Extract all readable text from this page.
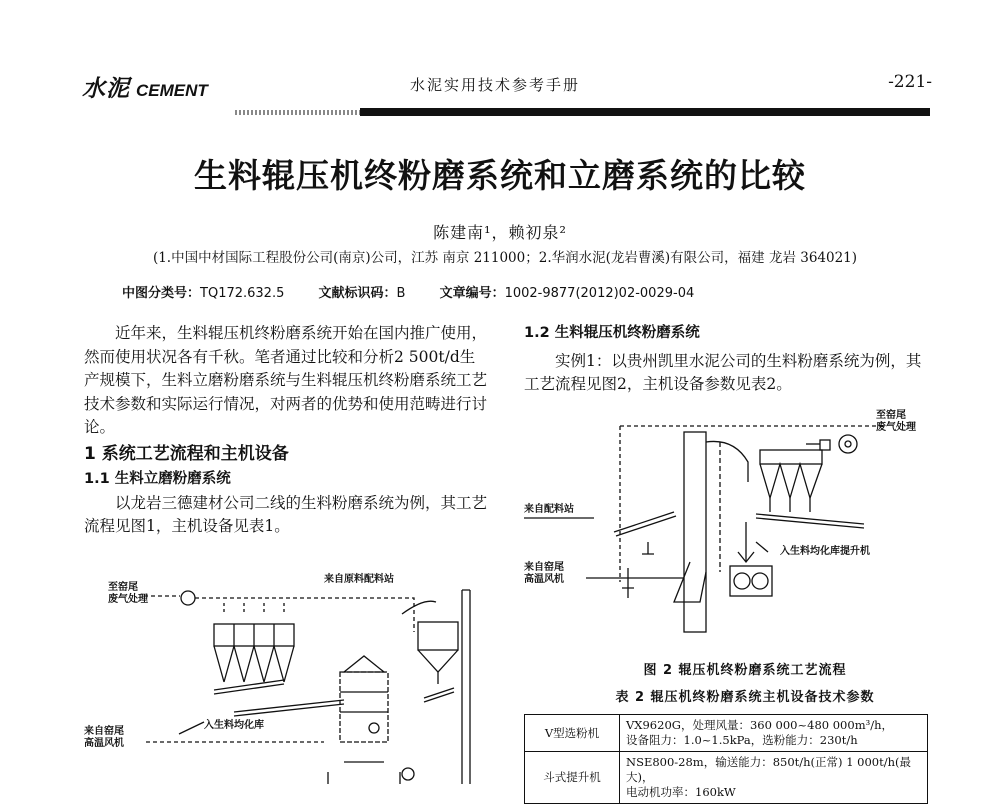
水泥 CEMENT	水泥实用技术参考手册	-221-
生料辊压机终粉磨系统和立磨系统的比较
陈建南¹，赖初泉²
(1.中国中材国际工程股份公司(南京)公司，江苏 南京 211000；2.华润水泥(龙岩曹溪)有限公司，福建 龙岩 364021)
中图分类号：TQ172.632.5	文献标识码：B	文章编号：1002-9877(2012)02-0029-04

近年来，生料辊压机终粉磨系统开始在国内推广使用，然而使用状况各有千秋。笔者通过比较和分析2 500t/d生产规模下，生料立磨粉磨系统与生料辊压机终粉磨系统工艺技术参数和实际运行情况，对两者的优势和使用范畴进行讨论。

1 系统工艺流程和主机设备
1.1 生料立磨粉磨系统

以龙岩三德建材公司二线的生料粉磨系统为例，其工艺流程见图1，主机设备见表1。

1.2 生料辊压机终粉磨系统

实例1：以贵州凯里水泥公司的生料粉磨系统为例，其工艺流程见图2，主机设备参数见表2。

至窑尾
废气处理
来自原料配料站
入生料均化库
来自窑尾
高温风机
至窑尾
废气处理
入生料均化库提升机
来自配料站
来自窑尾
高温风机
图 2 辊压机终粉磨系统工艺流程
表 2 辊压机终粉磨系统主机设备技术参数
V型选粉机	VX9620G，处理风量：360 000~480 000m³/h，
设备阻力：1.0~1.5kPa，选粉能力：230t/h

斗式提升机	NSE800-28m，输送能力：850t/h(正常) 1 000t/h(最大)，
电动机功率：160kW
